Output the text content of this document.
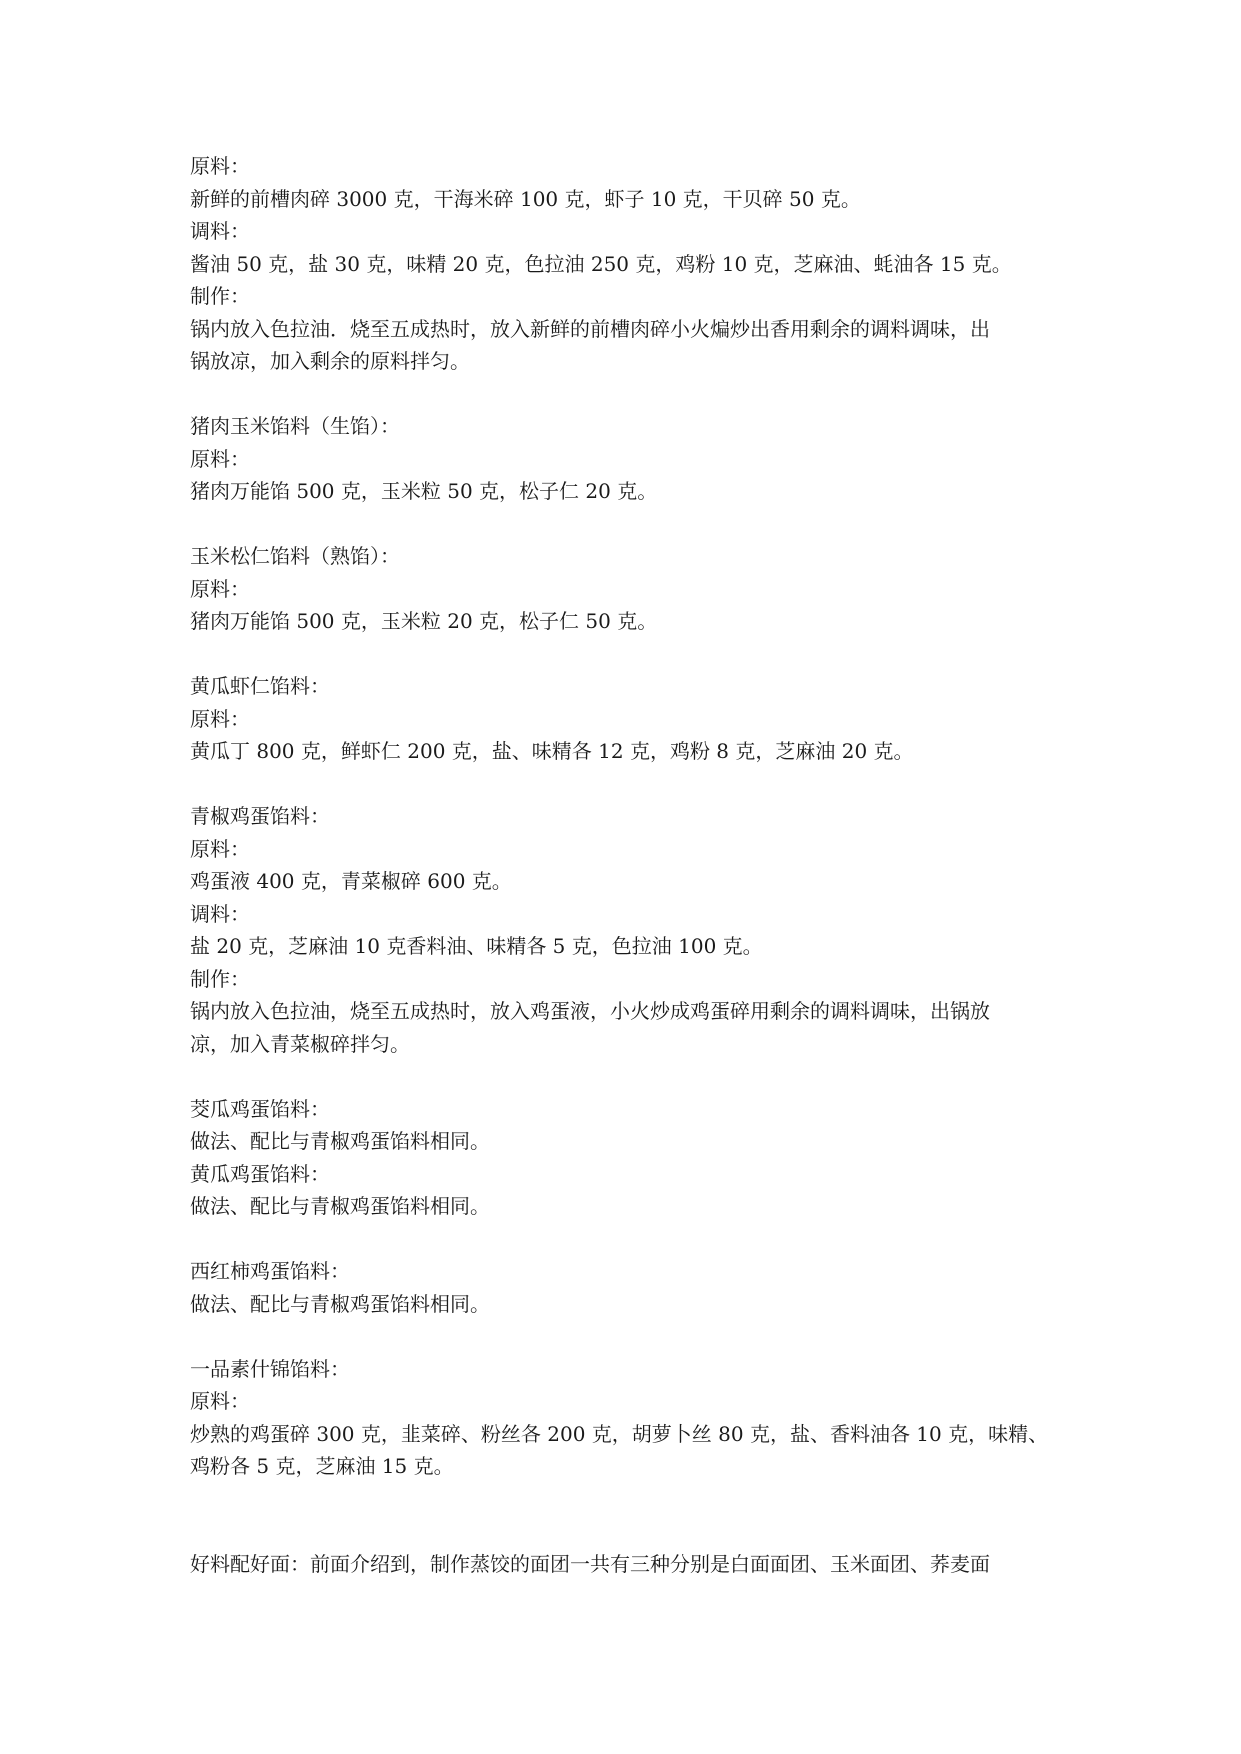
原料：
新鲜的前槽肉碎 3000 克，干海米碎 100 克，虾子 10 克，干贝碎 50 克。
调料：
酱油 50 克，盐 30 克，味精 20 克，色拉油 250 克，鸡粉 10 克，芝麻油、蚝油各 15 克。
制作：
锅内放入色拉油．烧至五成热时，放入新鲜的前槽肉碎小火煸炒出香用剩余的调料调味，出
锅放凉，加入剩余的原料拌匀。
猪肉玉米馅料（生馅）：
原料：
猪肉万能馅 500 克，玉米粒 50 克，松子仁 20 克。
玉米松仁馅料（熟馅）：
原料：
猪肉万能馅 500 克，玉米粒 20 克，松子仁 50 克。
黄瓜虾仁馅料：
原料：
黄瓜丁 800 克，鲜虾仁 200 克，盐、味精各 12 克，鸡粉 8 克，芝麻油 20 克。
青椒鸡蛋馅料：
原料：
鸡蛋液 400 克，青菜椒碎 600 克。
调料：
盐 20 克，芝麻油 10 克香料油、味精各 5 克，色拉油 100 克。
制作：
锅内放入色拉油，烧至五成热时，放入鸡蛋液，小火炒成鸡蛋碎用剩余的调料调味，出锅放
凉，加入青菜椒碎拌匀。
茭瓜鸡蛋馅料：
做法、配比与青椒鸡蛋馅料相同。
黄瓜鸡蛋馅料：
做法、配比与青椒鸡蛋馅料相同。
西红柿鸡蛋馅料：
做法、配比与青椒鸡蛋馅料相同。
一品素什锦馅料：
原料：
炒熟的鸡蛋碎 300 克，韭菜碎、粉丝各 200 克，胡萝卜丝 80 克，盐、香料油各 10 克，味精、
鸡粉各 5 克，芝麻油 15 克。
好料配好面：前面介绍到，制作蒸饺的面团一共有三种分别是白面面团、玉米面团、荞麦面
